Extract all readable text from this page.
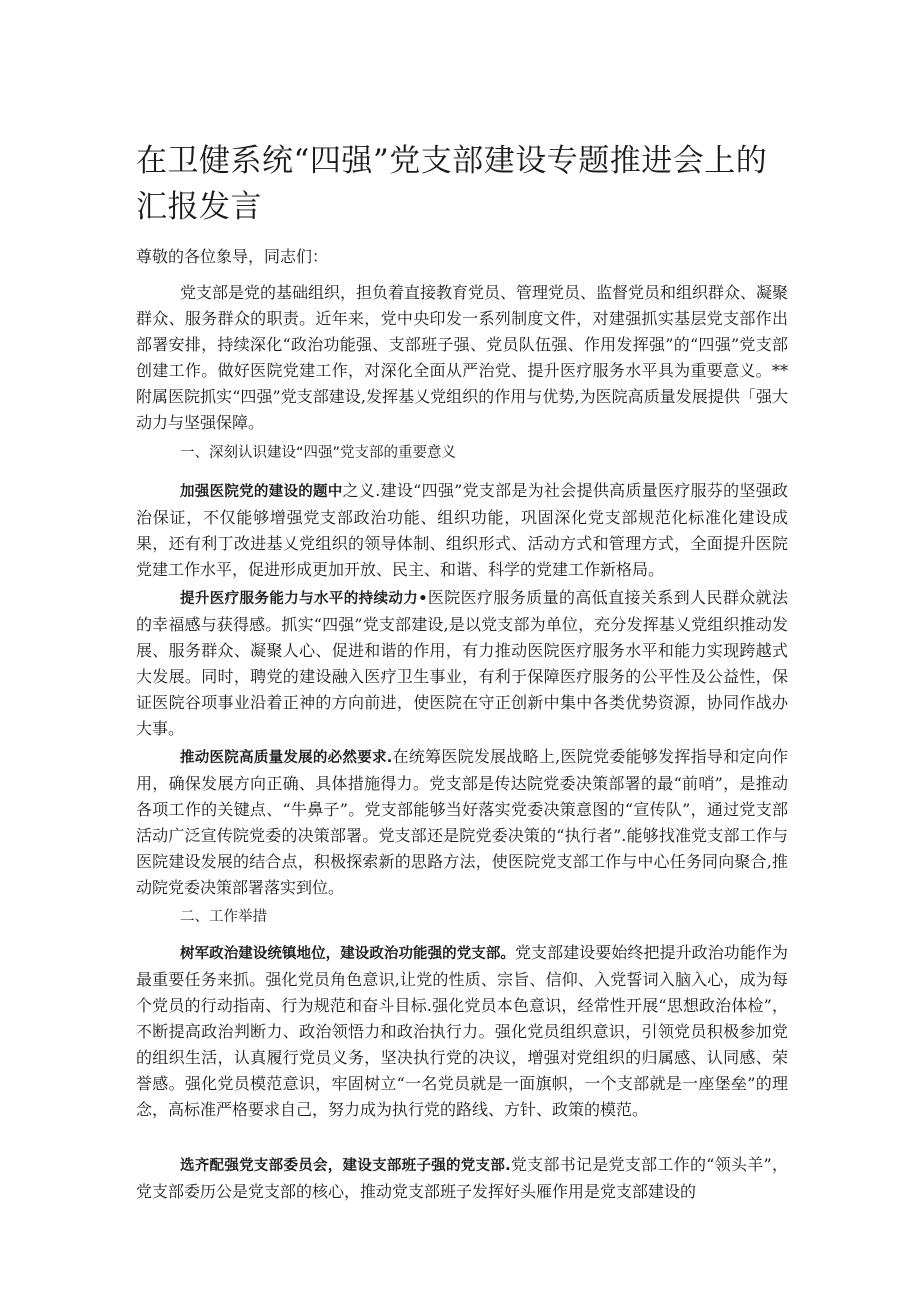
在卫健系统“四强”党支部建设专题推进会上的汇报发言

尊敬的各位象导，同志们：

党支部是党的基础组织，担负着直接教育党员、管理党员、监督党员和组织群众、凝聚群众、服务群众的职责。近年来，党中央印发一系列制度文件，对建强抓实基层党支部作出部署安排，持续深化“政治功能强、支部班子强、党员队伍强、作用发挥强”的“四强”党支部创建工作。做好医院党建工作，对深化全面从严治党、提升医疗服务水平具为重要意义。**附属医院抓实“四强”党支部建设,发挥基乂党组织的作用与优势,为医院高质量发展提供「强大动力与坚强保障。

一、深刻认识建设“四强”党支部的重要意义

加强医院党的建设的题中之义.建设“四强”党支部是为社会提供高质量医疗服芬的坚强政治保证，不仅能够增强党支部政治功能、组织功能，巩固深化党支部规范化标准化建设成果，还有利丁改进基乂党组织的领导体制、组织形式、活动方式和管理方式，全面提升医院党建工作水平，促进形成更加开放、民主、和谐、科学的党建工作新格局。

提升医疗服务能力与水平的持续动力•医院医疗服务质量的高低直接关系到人民群众就法的幸福感与获得感。抓实“四强”党支部建设,是以党支部为单位，充分发挥基乂党组织推动发展、服务群众、凝聚人心、促进和谐的作用，有力推动医院医疗服务水平和能力实现跨越式大发展。同时，聘党的建设融入医疗卫生事业，有利于保障医疗服务的公平性及公益性，保证医院谷项事业沿着正神的方向前进，使医院在守正创新中集中各类优势资源，协同作战办大事。

推动医院高质量发展的必然要求.在统筹医院发展战略上,医院党委能够发挥指导和定向作用，确保发展方向正确、具体措施得力。党支部是传达院党委决策部署的最“前哨”，是推动各项工作的关键点、“牛鼻子”。党支部能够当好落实党委决策意图的“宣传队”，通过党支部活动广泛宣传院党委的决策部署。党支部还是院党委决策的“执行者”.能够找准党支部工作与医院建设发展的结合点，积极探索新的思路方法，使医院党支部工作与中心任务同向聚合,推动院党委决策部署落实到位。

二、工作举措

树军政治建设统镇地位，建设政治功能强的党支部。党支部建设要始终把提升政治功能作为最重要任务来抓。强化党员角色意识,让党的性质、宗旨、信仰、入党誓词入脑入心，成为每个党员的行动指南、行为规范和奋斗目标.强化党员本色意识，经常性开展“思想政治体检”，不断提高政治判断力、政治领悟力和政治执行力。强化党员组织意识，引领党员积极参加党的组织生活，认真履行党员义务，坚决执行党的决议，增强对党组织的归属感、认同感、荣誉感。强化党员模范意识，牢固树立“一名党员就是一面旗帜，一个支部就是一座堡垒”的理念，高标准严格要求自己，努力成为执行党的路线、方针、政策的模范。

选齐配强党支部委员会，建设支部班子强的党支部.党支部书记是党支部工作的“领头羊”，党支部委历公是党支部的核心，推动党支部班子发挥好头雁作用是党支部建设的
